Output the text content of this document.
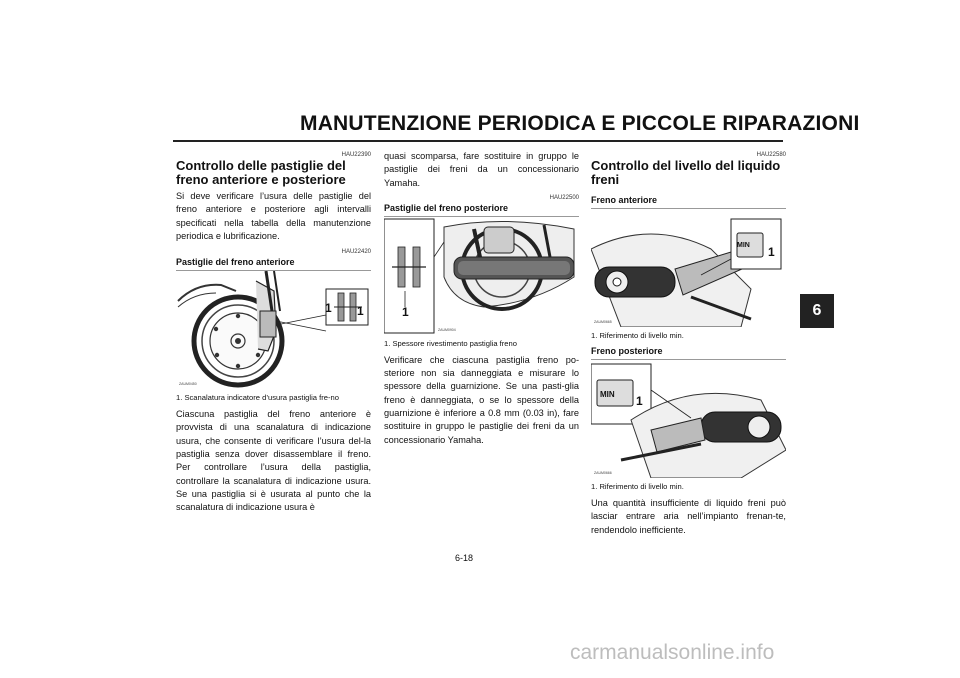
MANUTENZIONE PERIODICA E PICCOLE RIPARAZIONI
6
HAU22390
Controllo delle pastiglie del freno anteriore e posteriore

Si deve verificare l’usura delle pastiglie del freno anteriore e posteriore agli intervalli specificati nella tabella della manutenzione periodica e lubrificazione.

HAU22420
Pastiglie del freno anteriore
1 1
ZAUM0450
1. Scanalatura indicatore d’usura pastiglia fre-no

Ciascuna pastiglia del freno anteriore è provvista di una scanalatura di indicazione usura, che consente di verificare l’usura del-la pastiglia senza dover disassemblare il freno. Per controllare l’usura della pastiglia, controllare la scanalatura di indicazione usura. Se una pastiglia si è usurata al punto che la scanalatura di indicazione usura è

quasi scomparsa, fare sostituire in gruppo le pastiglie dei freni da un concessionario Yamaha.

HAU22500
Pastiglie del freno posteriore
1
ZAUM0904
1. Spessore rivestimento pastiglia freno

Verificare che ciascuna pastiglia freno po-steriore non sia danneggiata e misurare lo spessore della guarnizione. Se una pasti-glia freno è danneggiata, o se lo spessore della guarnizione è inferiore a 0.8 mm (0.03 in), fare sostituire in gruppo le pastiglie dei freni da un concessionario Yamaha.

HAU22580
Controllo del livello del liquido freni
Freno anteriore
MIN 1
ZAUM0665
1. Riferimento di livello min.
Freno posteriore
MIN 1
ZAUM0666
1. Riferimento di livello min.

Una quantità insufficiente di liquido freni può lasciar entrare aria nell’impianto frenan-te, rendendolo inefficiente.

6-18
carmanualsonline.info
